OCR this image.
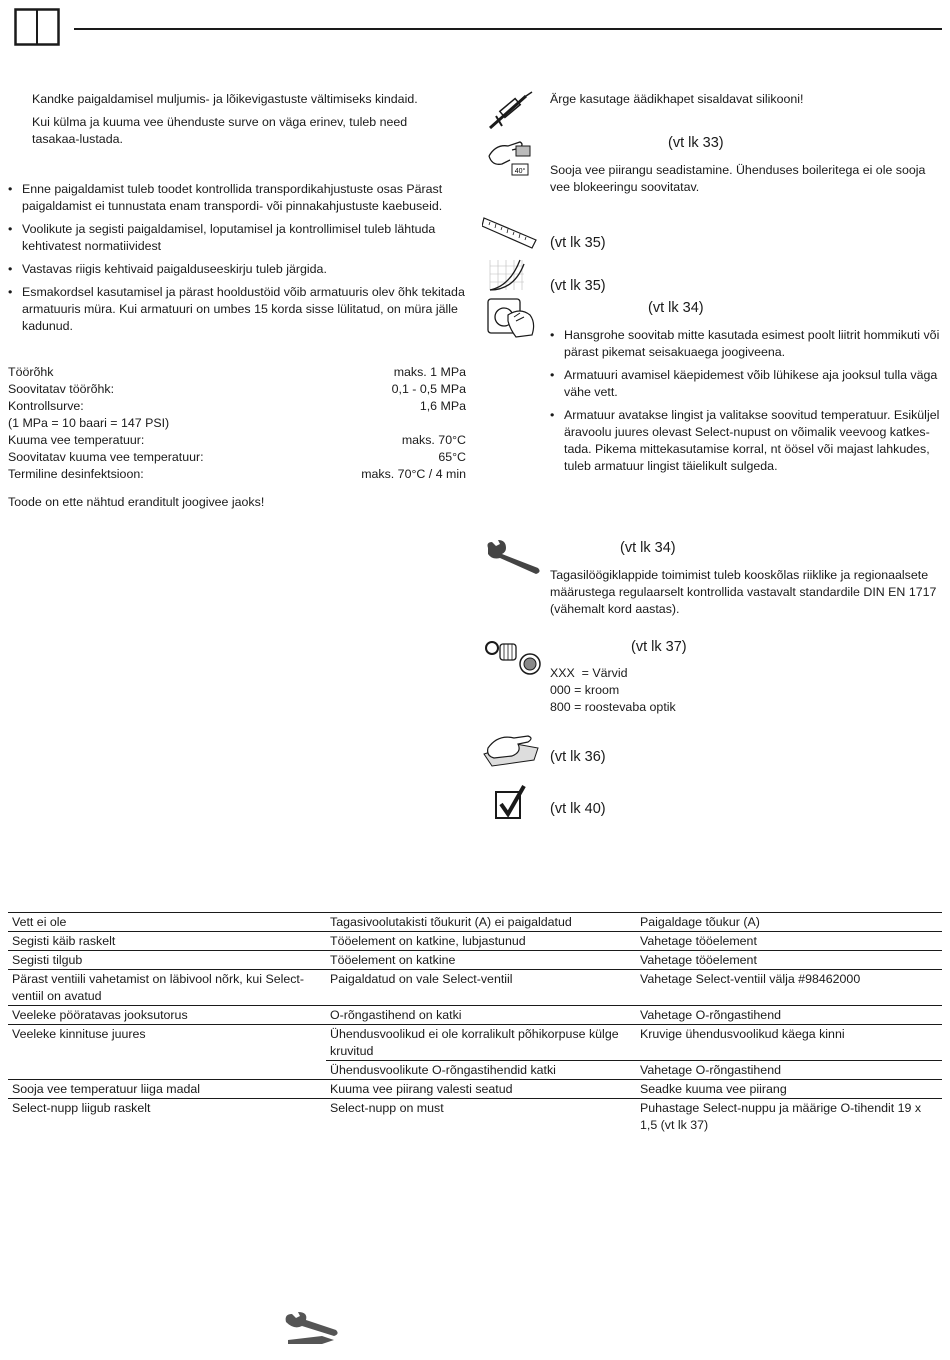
Kandke paigaldamisel muljumis- ja lõikevigastuste vältimiseks kindaid.

Kui külma ja kuuma vee ühenduste surve on väga erinev, tuleb need tasakaa-lustada.

• Enne paigaldamist tuleb toodet kontrollida transpordikahjustuste osas Pärast paigaldamist ei tunnustata enam transpordi- või pinnakahjustuste kaebuseid.
• Voolikute ja segisti paigaldamisel, loputamisel ja kontrollimisel tuleb lähtuda kehtivatest normatiividest
• Vastavas riigis kehtivaid paigalduseeskirju tuleb järgida.
• Esmakordsel kasutamisel ja pärast hooldustöid võib armatuuris olev õhk tekitada armatuuris müra. Kui armatuuri on umbes 15 korda sisse lülitatud, on müra jälle kadunud.
Töörõhk	maks. 1 MPa
Soovitatav töörõhk:	0,1 - 0,5 MPa
Kontrollsurve:	1,6 MPa
(1 MPa = 10 baari = 147 PSI)
Kuuma vee temperatuur:	maks. 70°C
Soovitatav kuuma vee temperatuur:	65°C
Termiline desinfektsioon:	maks. 70°C / 4 min

Toode on ette nähtud eranditult joogivee jaoks!

Ärge kasutage äädikhapet sisaldavat silikooni!

40°

(vt lk 33)

Sooja vee piirangu seadistamine. Ühenduses boileritega ei ole sooja vee blokeeringu soovitatav.

(vt lk 35)

(vt lk 35)

(vt lk 34)

• Hansgrohe soovitab mitte kasutada esimest poolt liitrit hommikuti või pärast pikemat seisakuaega joogiveena.
• Armatuuri avamisel käepidemest võib lühikese aja jooksul tulla väga vähe vett.
• Armatuur avatakse lingist ja valitakse soovitud temperatuur. Esiküljel äravoolu juures olevast Select-nupust on võimalik veevoog katkes-tada. Pikema mittekasutamise korral, nt öösel või majast lahkudes, tuleb armatuur lingist täielikult sulgeda.

(vt lk 34)

Tagasilöögiklappide toimimist tuleb kooskõlas riiklike ja regionaalsete määrustega regulaarselt kontrollida vastavalt standardile DIN EN 1717 (vähemalt kord aastas).

(vt lk 37)

XXX  = Värvid
000 = kroom
800 = roostevaba optik

(vt lk 36)

(vt lk 40)

Vett ei ole	Tagasivoolutakisti tõukurit (A) ei paigaldatud	Paigaldage tõukur (A)
Segisti käib raskelt	Tööelement on katkine, lubjastunud	Vahetage tööelement
Segisti tilgub	Tööelement on katkine	Vahetage tööelement
Pärast ventiili vahetamist on läbivool nõrk, kui Select-ventiil on avatud	Paigaldatud on vale Select-ventiil	Vahetage Select-ventiil välja #98462000
Veeleke pööratavas jooksutorus	O-rõngastihend on katki	Vahetage O-rõngastihend
Veeleke kinnituse juures	Ühendusvoolikud ei ole korralikult põhikorpuse külge kruvitud	Kruvige ühendusvoolikud käega kinni
	Ühendusvoolikute O-rõngastihendid katki	Vahetage O-rõngastihend
Sooja vee temperatuur liiga madal	Kuuma vee piirang valesti seatud	Seadke kuuma vee piirang
Select-nupp liigub raskelt	Select-nupp on must	Puhastage Select-nuppu ja määrige O-tihendit 19 x 1,5 (vt lk 37)
